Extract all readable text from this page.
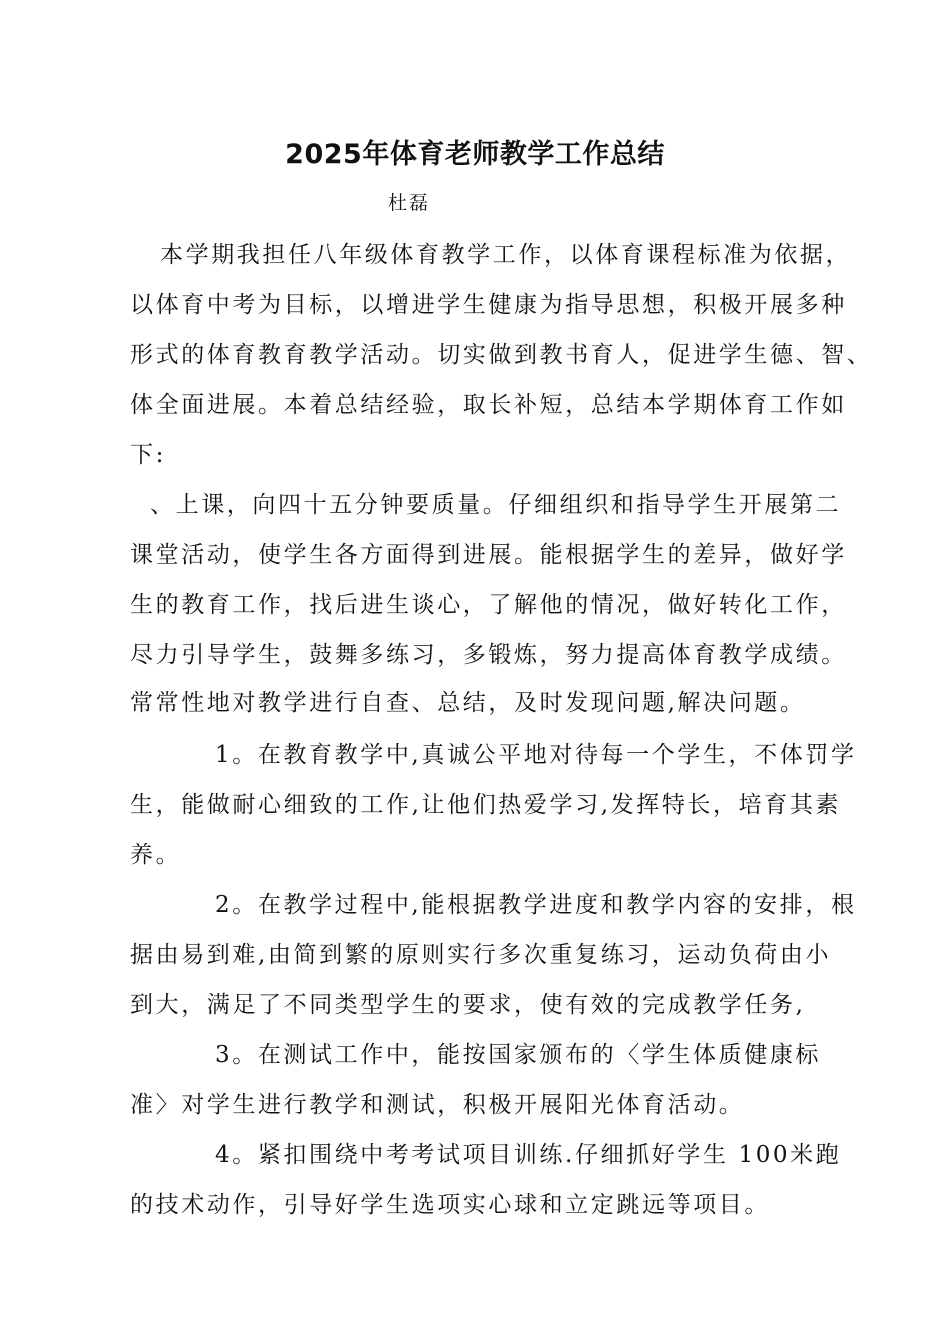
2025年体育老师教学工作总结

杜磊

本学期我担任八年级体育教学工作，以体育课程标准为依据，

以体育中考为目标，以增进学生健康为指导思想，积极开展多种

形式的体育教育教学活动。切实做到教书育人，促进学生德、智、

体全面进展。本着总结经验，取长补短，总结本学期体育工作如

下:

、上课，向四十五分钟要质量。仔细组织和指导学生开展第二

课堂活动，使学生各方面得到进展。能根据学生的差异，做好学

生的教育工作，找后进生谈心，了解他的情况，做好转化工作，

尽力引导学生，鼓舞多练习，多锻炼，努力提高体育教学成绩。

常常性地对教学进行自查、总结，及时发现问题,解决问题。

1。在教育教学中,真诚公平地对待每一个学生，不体罚学

生，能做耐心细致的工作,让他们热爱学习,发挥特长，培育其素

养。

2。在教学过程中,能根据教学进度和教学内容的安排，根

据由易到难,由简到繁的原则实行多次重复练习，运动负荷由小

到大，满足了不同类型学生的要求，使有效的完成教学任务,

3。在测试工作中，能按国家颁布的〈学生体质健康标

准〉对学生进行教学和测试，积极开展阳光体育活动。

4。紧扣围绕中考考试项目训练.仔细抓好学生 100米跑

的技术动作，引导好学生选项实心球和立定跳远等项目。
